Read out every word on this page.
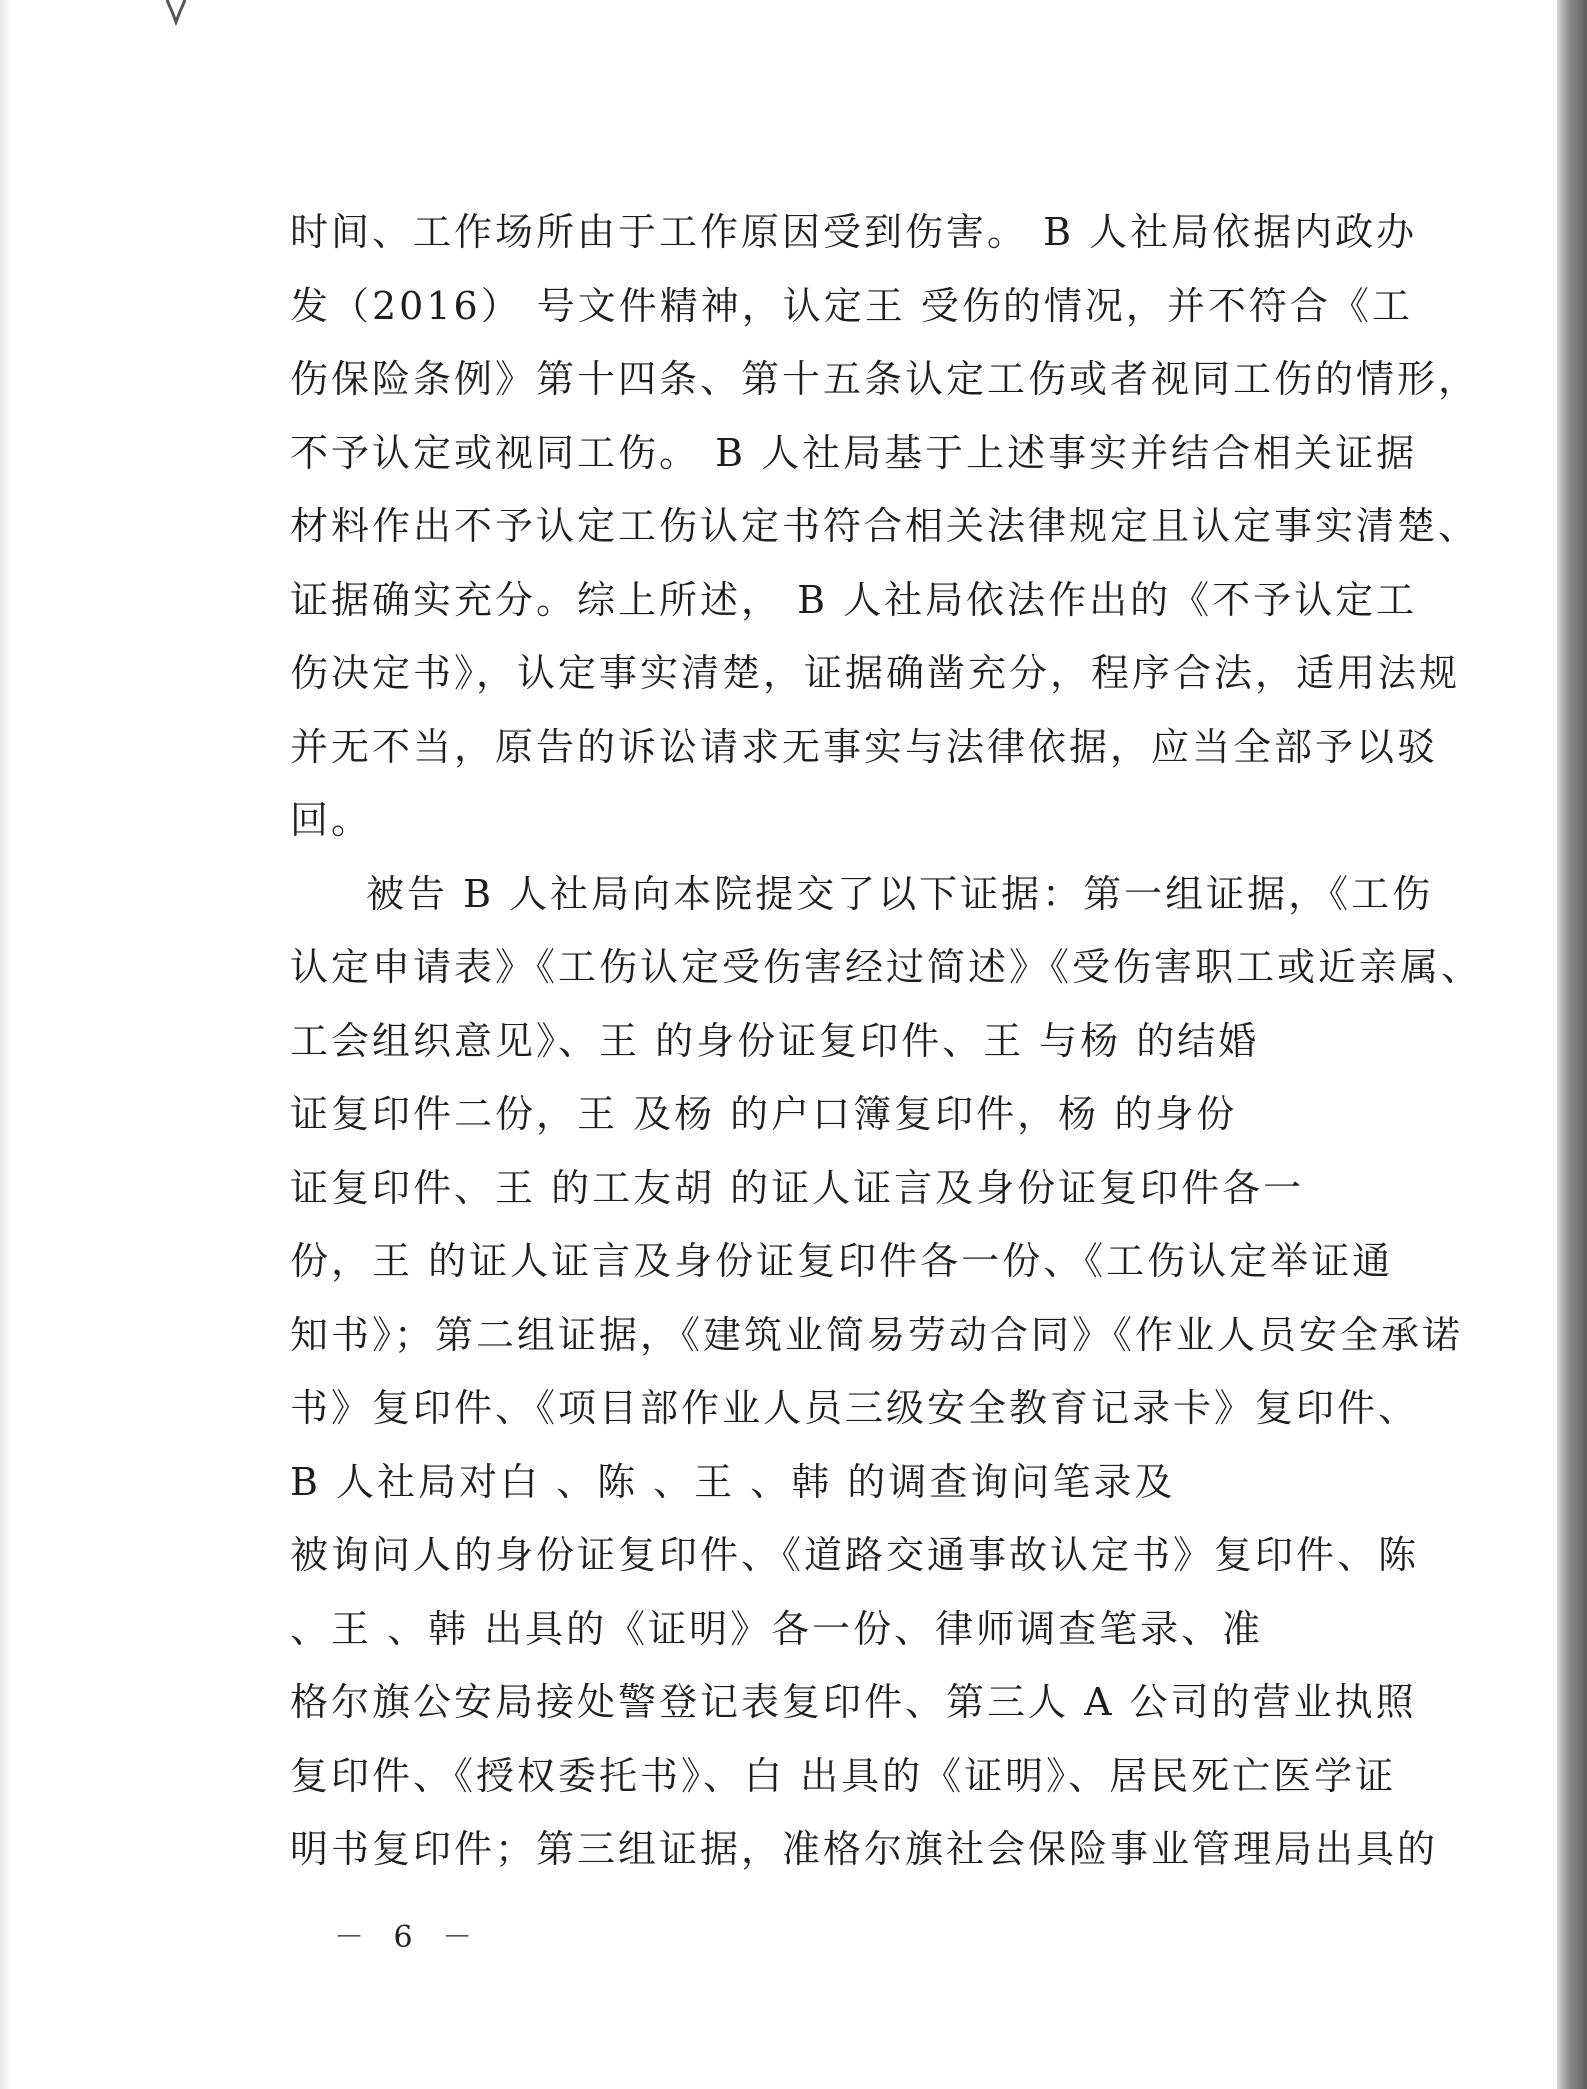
时间、工作场所由于工作原因受到伤害。 B 人社局依据内政办
发（2016） 号文件精神，认定王 受伤的情况，并不符合《工
伤保险条例》第十四条、第十五条认定工伤或者视同工伤的情形，
不予认定或视同工伤。 B 人社局基于上述事实并结合相关证据
材料作出不予认定工伤认定书符合相关法律规定且认定事实清楚、
证据确实充分。综上所述， B 人社局依法作出的《不予认定工
伤决定书》，认定事实清楚，证据确凿充分，程序合法，适用法规
并无不当，原告的诉讼请求无事实与法律依据，应当全部予以驳
回。
被告 B 人社局向本院提交了以下证据：第一组证据，《工伤
认定申请表》《工伤认定受伤害经过简述》《受伤害职工或近亲属、
工会组织意见》、王 的身份证复印件、王 与杨 的结婚
证复印件二份，王 及杨 的户口簿复印件，杨 的身份
证复印件、王 的工友胡 的证人证言及身份证复印件各一
份，王 的证人证言及身份证复印件各一份、《工伤认定举证通
知书》；第二组证据，《建筑业简易劳动合同》《作业人员安全承诺
书》复印件、《项目部作业人员三级安全教育记录卡》复印件、
B 人社局对白 、陈 、王 、韩 的调查询问笔录及
被询问人的身份证复印件、《道路交通事故认定书》复印件、陈
、王 、韩 出具的《证明》各一份、律师调查笔录、准
格尔旗公安局接处警登记表复印件、第三人 A 公司的营业执照
复印件、《授权委托书》、白 出具的《证明》、居民死亡医学证
明书复印件；第三组证据，准格尔旗社会保险事业管理局出具的
－ 6 －
